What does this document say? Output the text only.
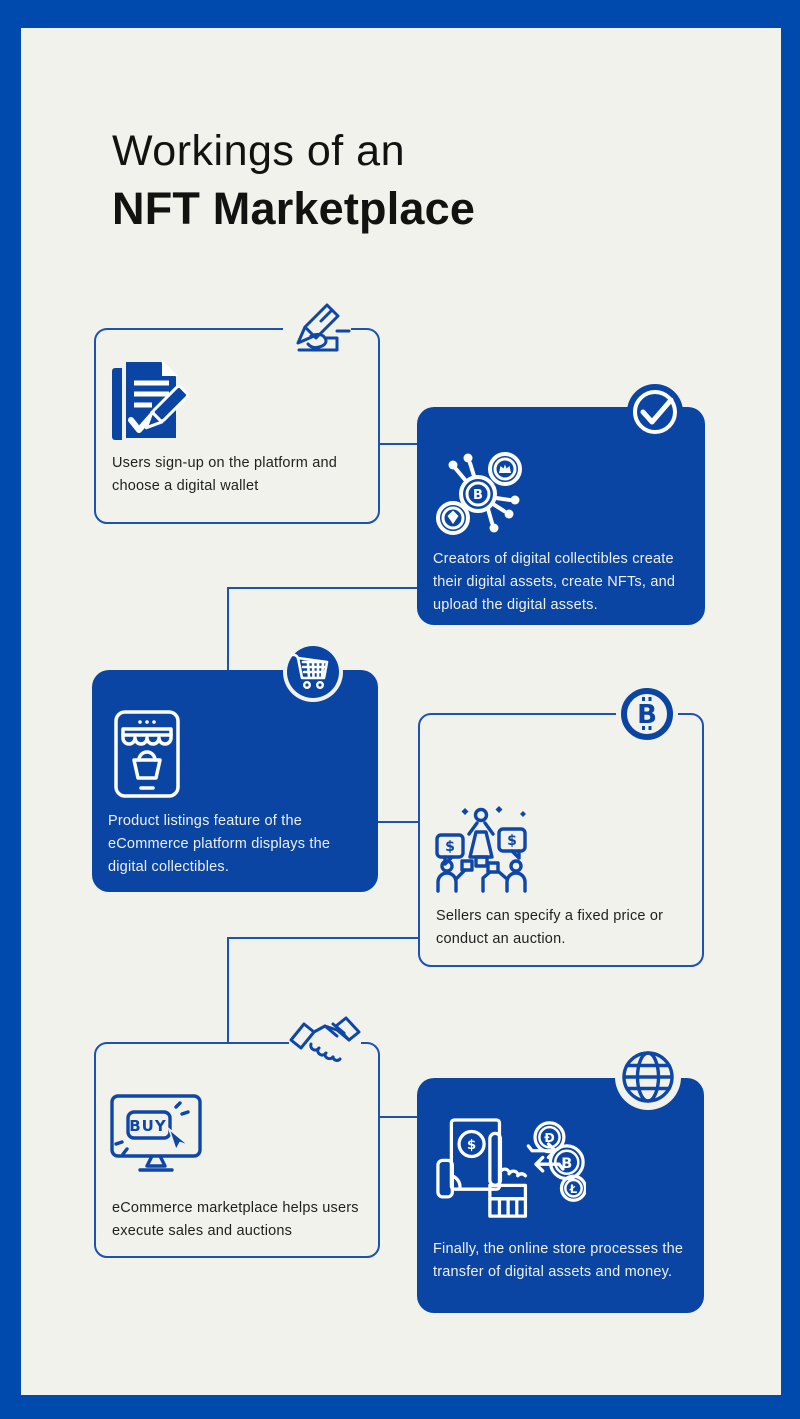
Workings of an
NFT Marketplace

Users sign-up on the platform and choose a digital wallet

B

Creators of digital collectibles create their digital assets, create NFTs, and upload the digital assets.

Product listings feature of the eCommerce platform displays the digital collectibles.

$	$

Sellers can specify a fixed price or conduct an auction.

BUY

eCommerce marketplace helps users execute sales and auctions

$
Ð
B
Ł

Finally, the online store processes the transfer of digital assets and money.

B
